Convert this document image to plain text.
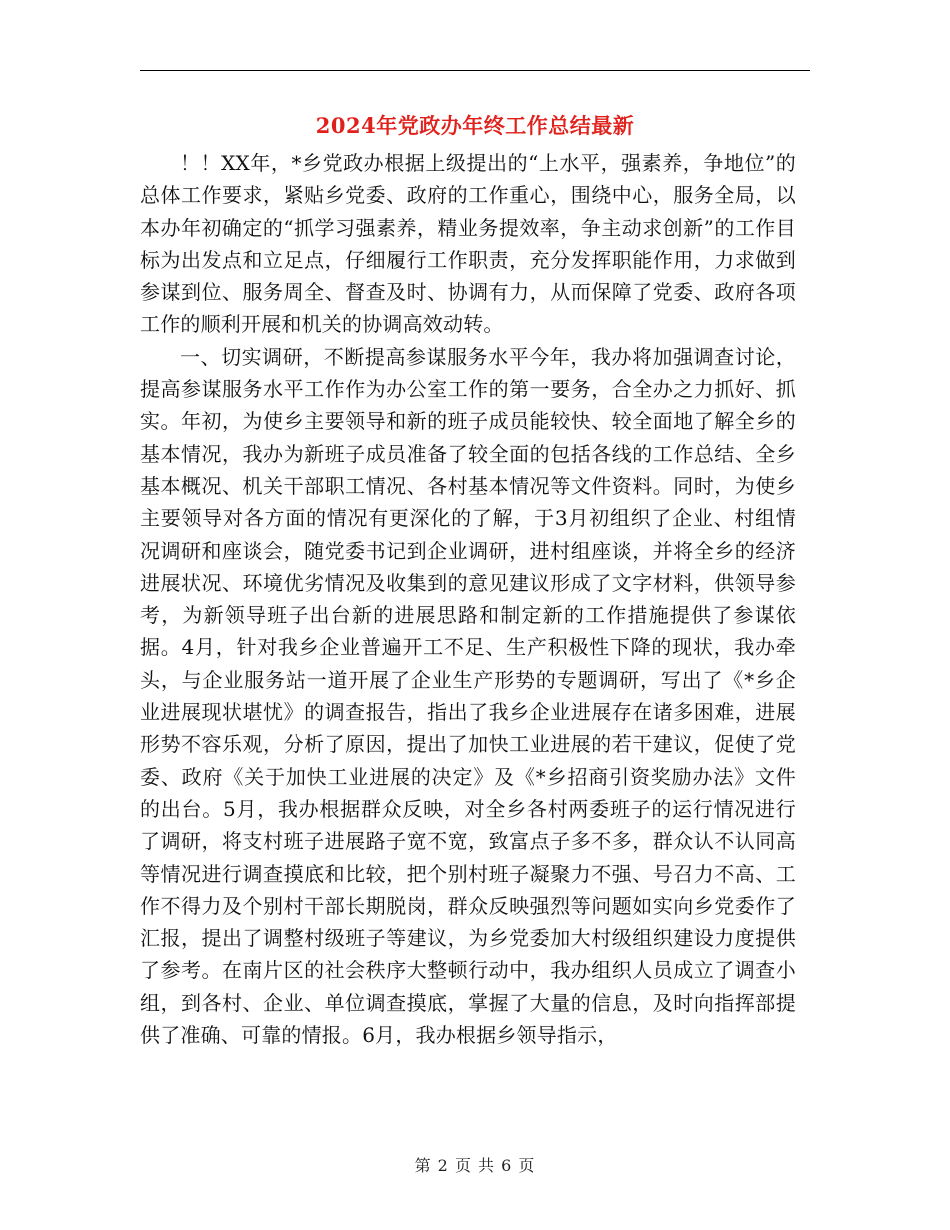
2024年党政办年终工作总结最新

！！XX年，*乡党政办根据上级提出的“上水平，强素养，争地位”的总体工作要求，紧贴乡党委、政府的工作重心，围绕中心，服务全局，以本办年初确定的“抓学习强素养，精业务提效率，争主动求创新”的工作目标为出发点和立足点，仔细履行工作职责，充分发挥职能作用，力求做到参谋到位、服务周全、督查及时、协调有力，从而保障了党委、政府各项工作的顺利开展和机关的协调高效动转。

一、切实调研，不断提高参谋服务水平今年，我办将加强调查讨论，提高参谋服务水平工作作为办公室工作的第一要务，合全办之力抓好、抓实。年初，为使乡主要领导和新的班子成员能较快、较全面地了解全乡的基本情况，我办为新班子成员准备了较全面的包括各线的工作总结、全乡基本概况、机关干部职工情况、各村基本情况等文件资料。同时，为使乡主要领导对各方面的情况有更深化的了解，于3月初组织了企业、村组情况调研和座谈会，随党委书记到企业调研，进村组座谈，并将全乡的经济进展状况、环境优劣情况及收集到的意见建议形成了文字材料，供领导参考，为新领导班子出台新的进展思路和制定新的工作措施提供了参谋依据。4月，针对我乡企业普遍开工不足、生产积极性下降的现状，我办牵头，与企业服务站一道开展了企业生产形势的专题调研，写出了《*乡企业进展现状堪忧》的调查报告，指出了我乡企业进展存在诸多困难，进展形势不容乐观，分析了原因，提出了加快工业进展的若干建议，促使了党委、政府《关于加快工业进展的决定》及《*乡招商引资奖励办法》文件的出台。5月，我办根据群众反映，对全乡各村两委班子的运行情况进行了调研，将支村班子进展路子宽不宽，致富点子多不多，群众认不认同高等情况进行调查摸底和比较，把个别村班子凝聚力不强、号召力不高、工作不得力及个别村干部长期脱岗，群众反映强烈等问题如实向乡党委作了汇报，提出了调整村级班子等建议，为乡党委加大村级组织建设力度提供了参考。在南片区的社会秩序大整顿行动中，我办组织人员成立了调查小组，到各村、企业、单位调查摸底，掌握了大量的信息，及时向指挥部提供了准确、可靠的情报。6月，我办根据乡领导指示，

第 2 页 共 6 页
